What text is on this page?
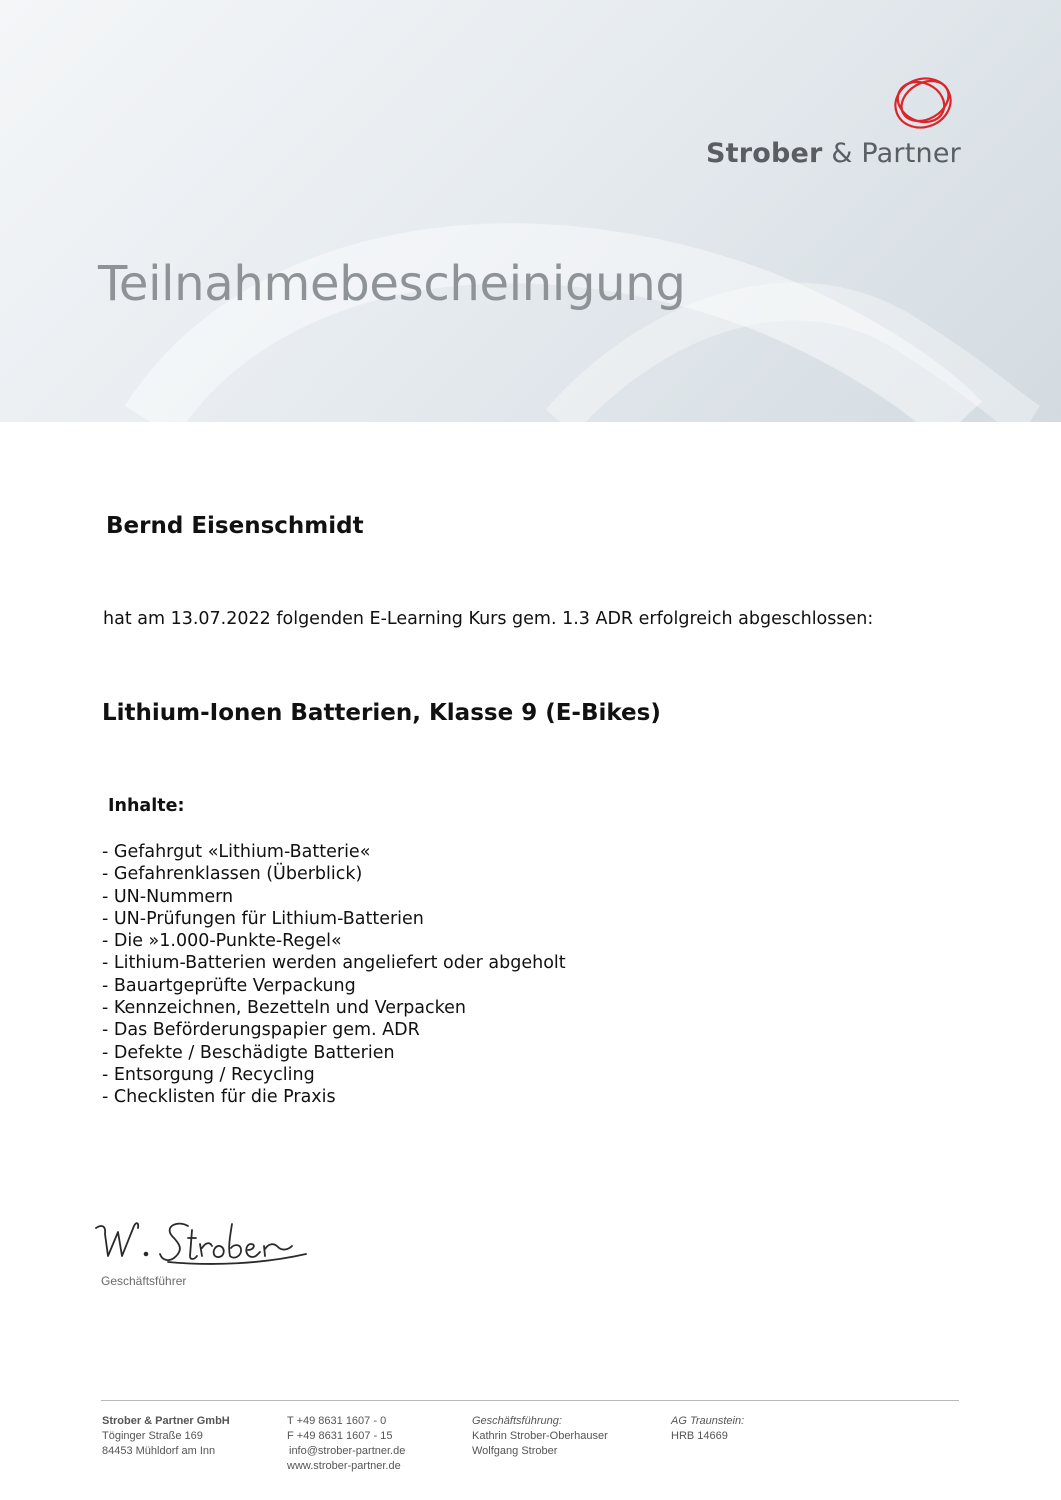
Strober & Partner
Teilnahmebescheinigung
Bernd Eisenschmidt
hat am 13.07.2022 folgenden E-Learning Kurs gem. 1.3 ADR erfolgreich abgeschlossen:
Lithium-Ionen Batterien, Klasse 9 (E-Bikes)
Inhalte:
- Gefahrgut «Lithium-Batterie«
- Gefahrenklassen (Überblick)
- UN-Nummern
- UN-Prüfungen für Lithium-Batterien
- Die »1.000-Punkte-Regel«
- Lithium-Batterien werden angeliefert oder abgeholt
- Bauartgeprüfte Verpackung
- Kennzeichnen, Bezetteln und Verpacken
- Das Beförderungspapier gem. ADR
- Defekte / Beschädigte Batterien
- Entsorgung / Recycling
- Checklisten für die Praxis
Geschäftsführer
Strober & Partner GmbH
Töginger Straße 169
84453 Mühldorf am Inn
T +49 8631 1607 - 0
F +49 8631 1607 - 15
info@strober-partner.de
www.strober-partner.de
Geschäftsführung:
Kathrin Strober-Oberhauser
Wolfgang Strober
AG Traunstein:
HRB 14669
